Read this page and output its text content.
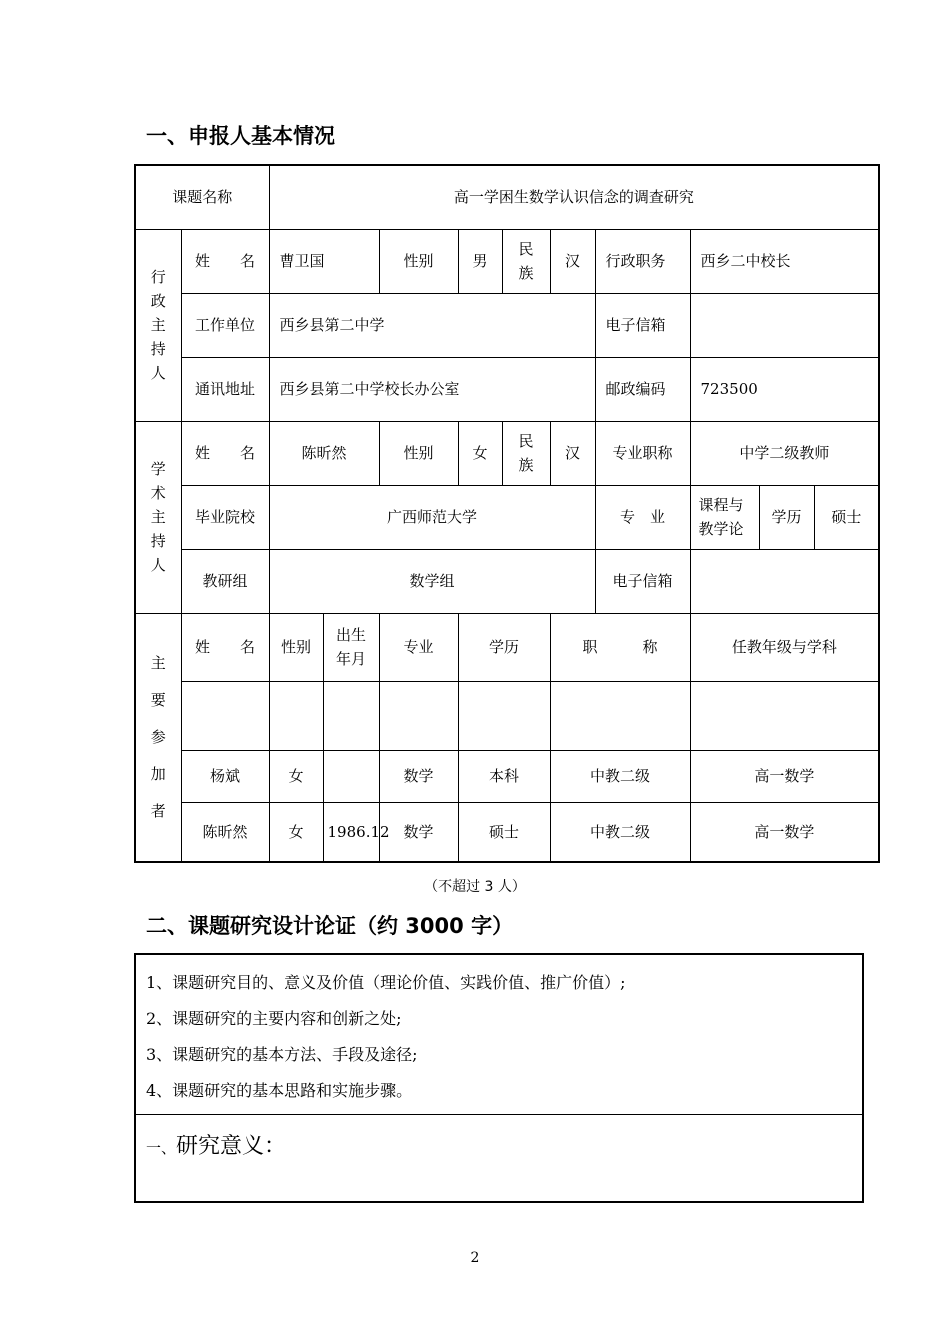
一、申报人基本情况
课题名称		高一学困生数学认识信念的调查研究									

行
政
主
持
人	姓　　名	曹卫国		性别	男	民族	汉	行政职务	西乡二中校长		
	工作单位	西乡县第二中学						电子信箱			
	通讯地址	西乡县第二中学校长办公室						邮政编码	723500		

学
术
主
持
人	姓　　名	陈昕然		性别	女	民族	汉	专业职称	中学二级教师		
	毕业院校	广西师范大学						专　业	课程与教学论	学历	硕士
	教研组	数学组						电子信箱			

主
要
参
加
者	姓　　名	性别	出生年月	专业	学历		职　　　称		任教年级与学科		

	杨斌	女		数学	本科		中教二级		高一数学		
	陈昕然	女	1986.12	数学	硕士		中教二级		高一数学		
（不超过 3 人）
二、课题研究设计论证（约 3000 字）
1、课题研究目的、意义及价值（理论价值、实践价值、推广价值）;
2、课题研究的主要内容和创新之处;
3、课题研究的基本方法、手段及途径;
4、课题研究的基本思路和实施步骤。
一、研究意义：
2
